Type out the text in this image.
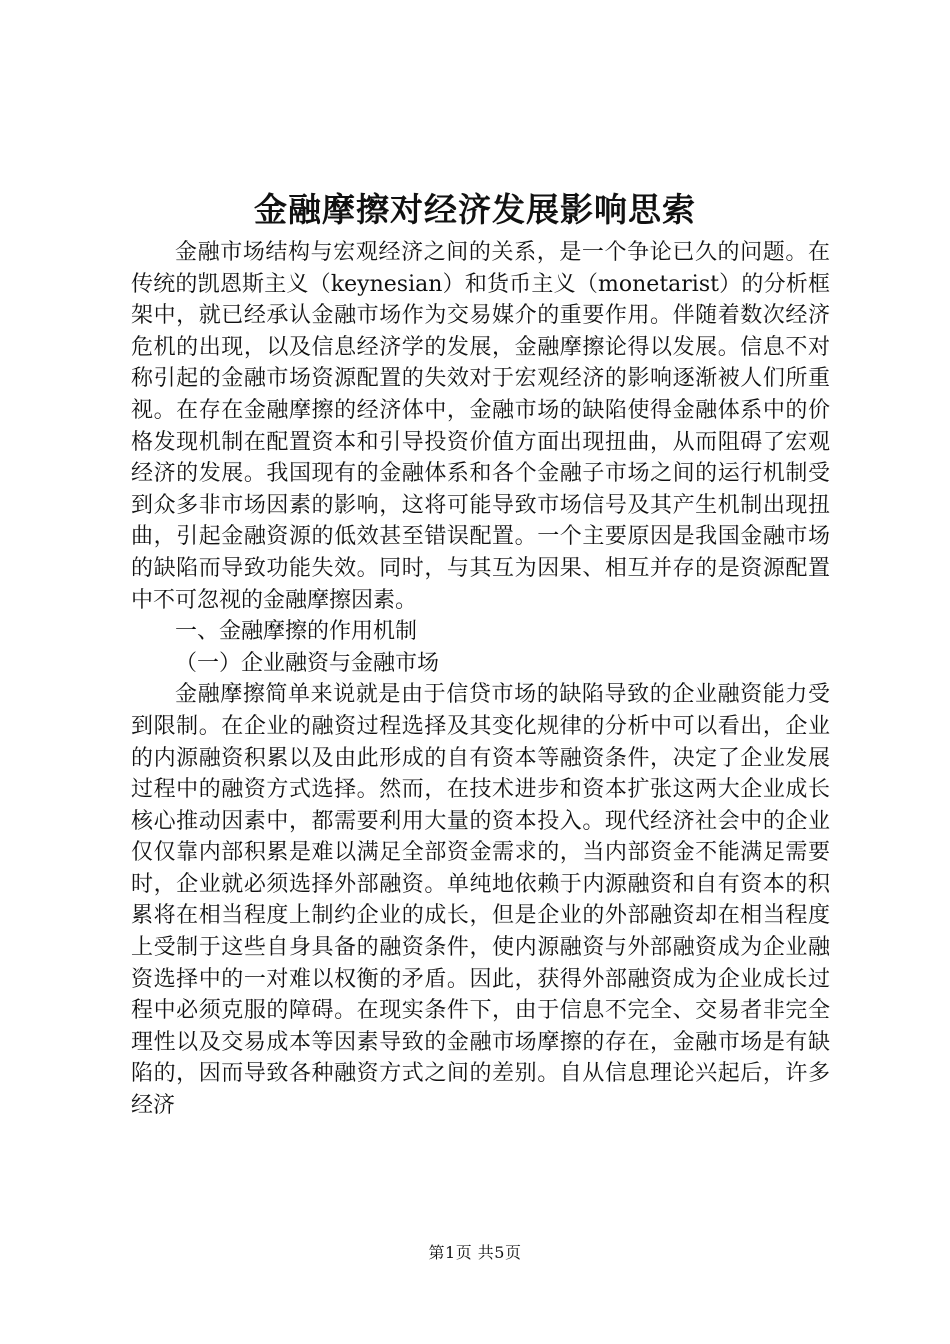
金融摩擦对经济发展影响思索

金融市场结构与宏观经济之间的关系，是一个争论已久的问题。在传统的凯恩斯主义（keynesian）和货币主义（monetarist）的分析框架中，就已经承认金融市场作为交易媒介的重要作用。伴随着数次经济危机的出现，以及信息经济学的发展，金融摩擦论得以发展。信息不对称引起的金融市场资源配置的失效对于宏观经济的影响逐渐被人们所重视。在存在金融摩擦的经济体中，金融市场的缺陷使得金融体系中的价格发现机制在配置资本和引导投资价值方面出现扭曲，从而阻碍了宏观经济的发展。我国现有的金融体系和各个金融子市场之间的运行机制受到众多非市场因素的影响，这将可能导致市场信号及其产生机制出现扭曲，引起金融资源的低效甚至错误配置。一个主要原因是我国金融市场的缺陷而导致功能失效。同时，与其互为因果、相互并存的是资源配置中不可忽视的金融摩擦因素。

一、金融摩擦的作用机制

（一）企业融资与金融市场

金融摩擦简单来说就是由于信贷市场的缺陷导致的企业融资能力受到限制。在企业的融资过程选择及其变化规律的分析中可以看出，企业的内源融资积累以及由此形成的自有资本等融资条件，决定了企业发展过程中的融资方式选择。然而，在技术进步和资本扩张这两大企业成长核心推动因素中，都需要利用大量的资本投入。现代经济社会中的企业仅仅靠内部积累是难以满足全部资金需求的，当内部资金不能满足需要时，企业就必须选择外部融资。单纯地依赖于内源融资和自有资本的积累将在相当程度上制约企业的成长，但是企业的外部融资却在相当程度上受制于这些自身具备的融资条件，使内源融资与外部融资成为企业融资选择中的一对难以权衡的矛盾。因此，获得外部融资成为企业成长过程中必须克服的障碍。在现实条件下，由于信息不完全、交易者非完全理性以及交易成本等因素导致的金融市场摩擦的存在，金融市场是有缺陷的，因而导致各种融资方式之间的差别。自从信息理论兴起后，许多经济

第1页 共5页
